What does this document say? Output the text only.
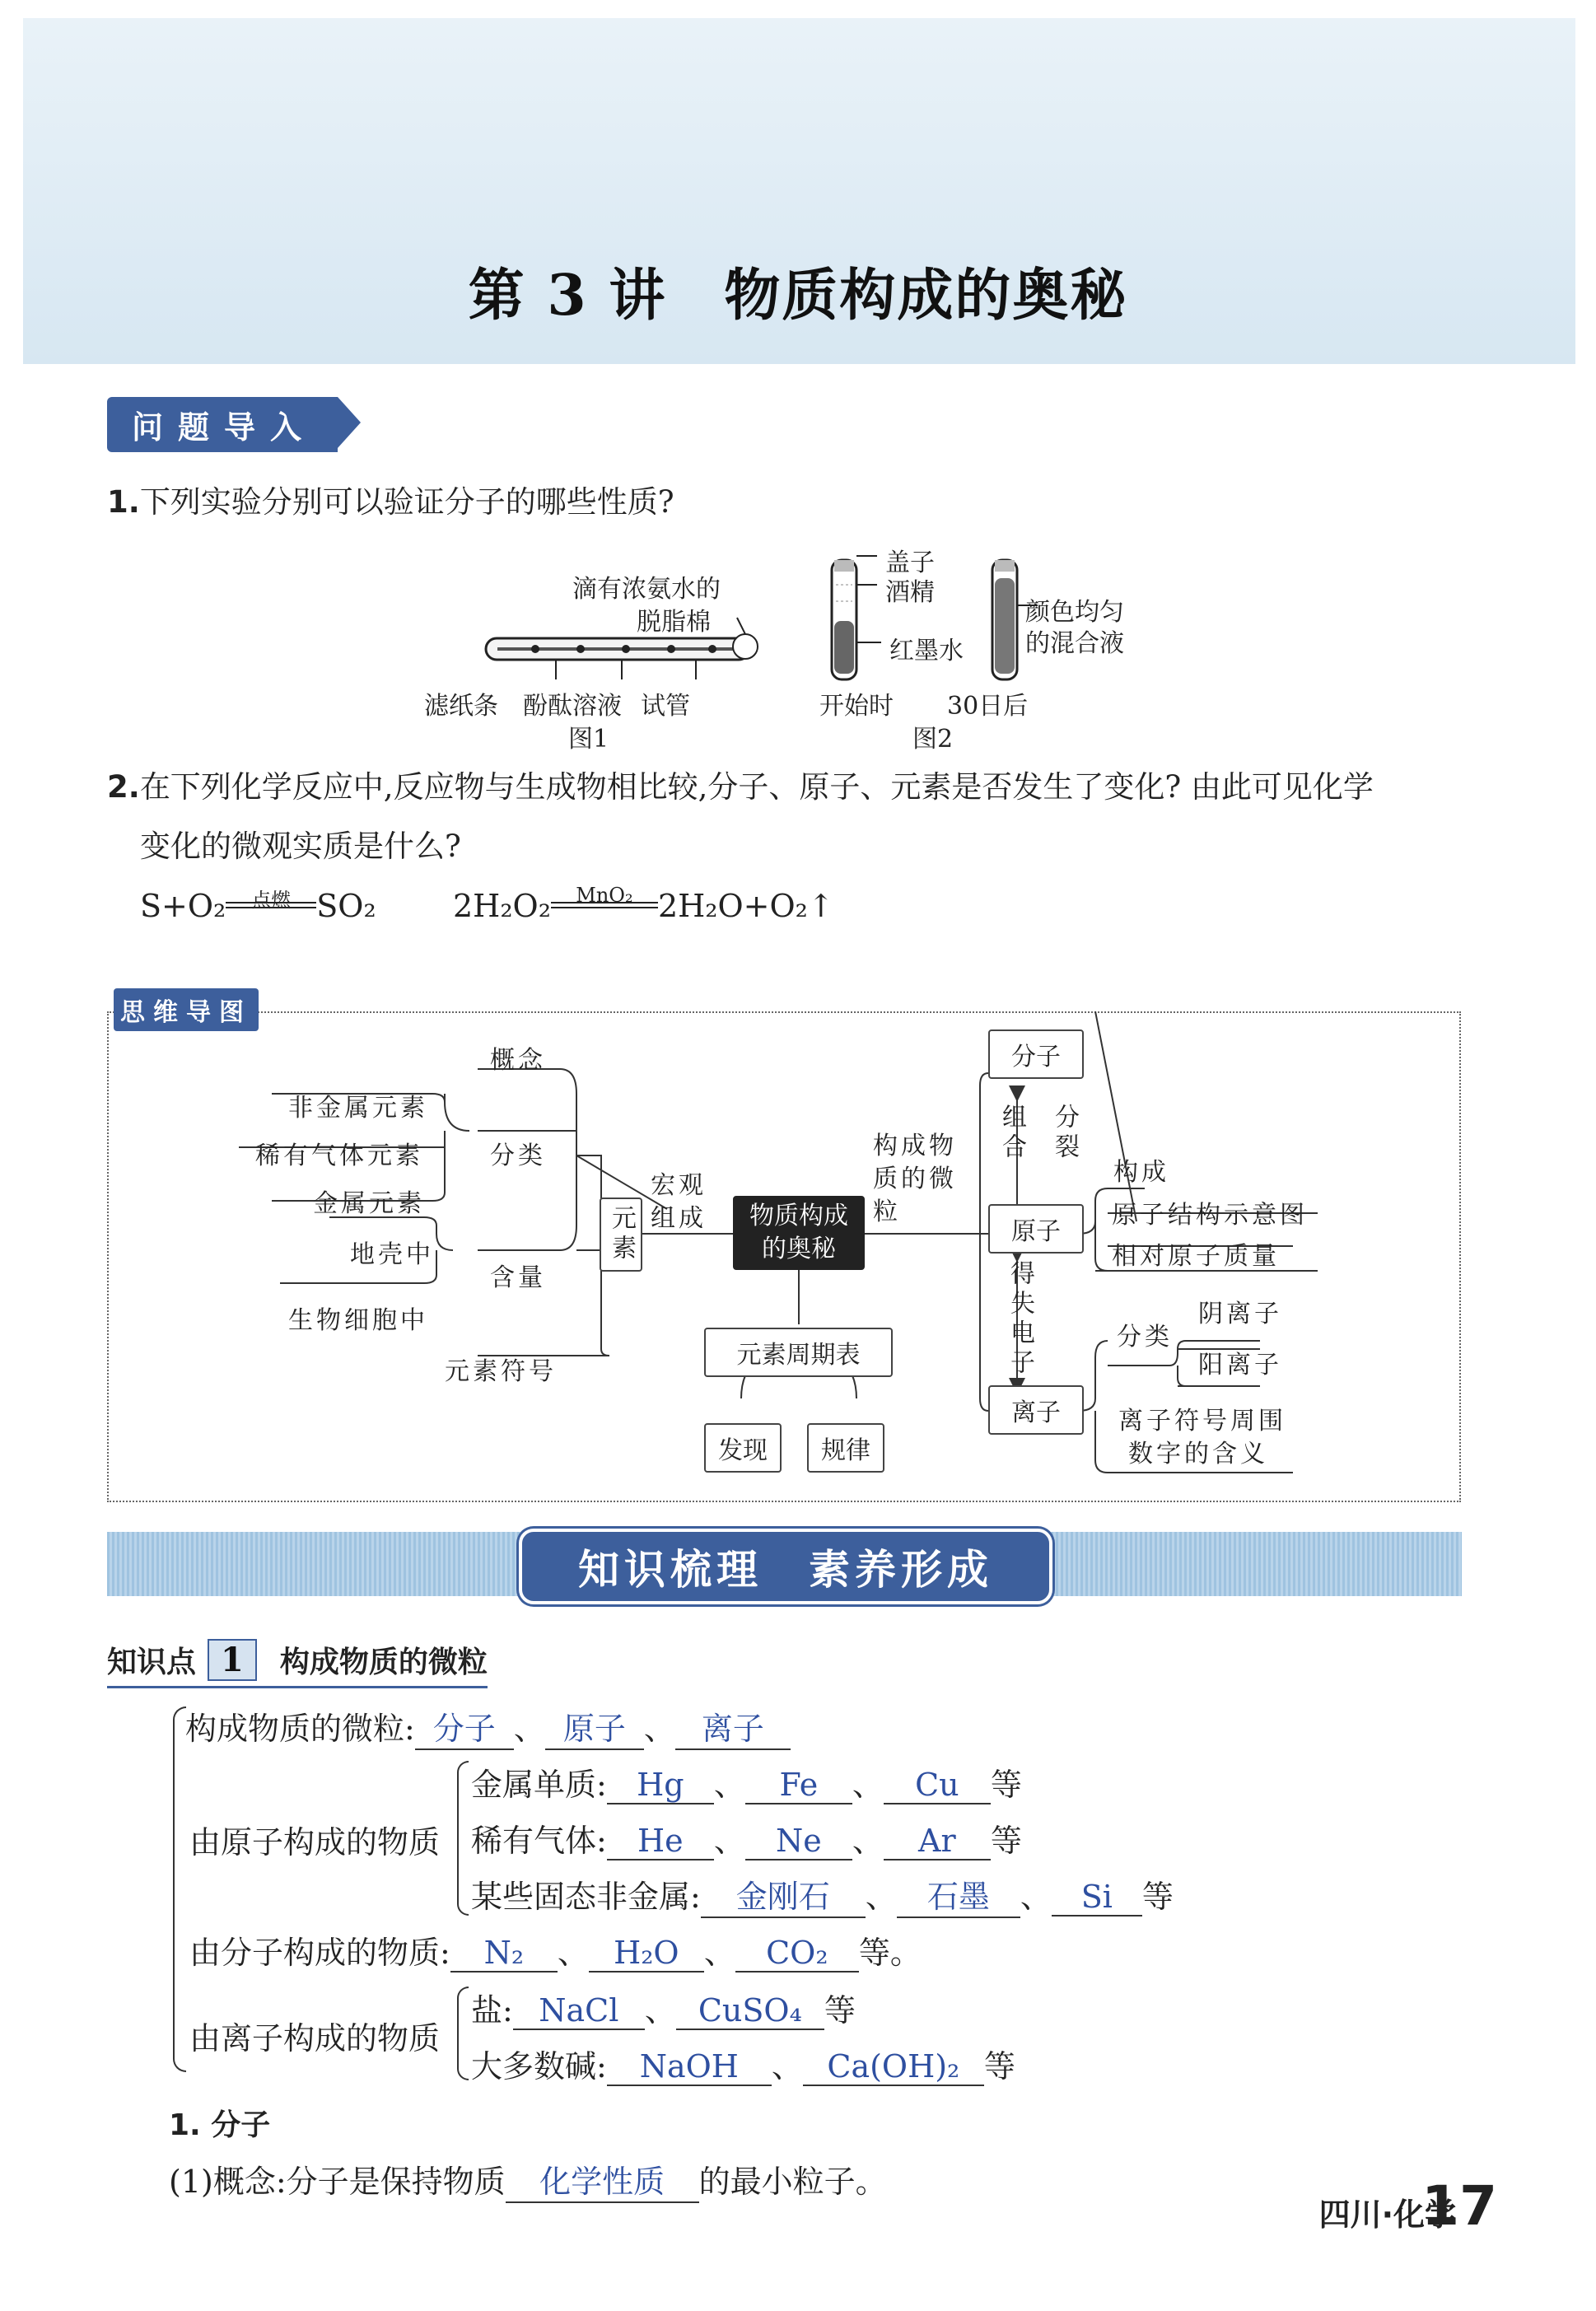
第 3 讲　物质构成的奥秘
问题导入
1.下列实验分别可以验证分子的哪些性质?
滴有浓氨水的
脱脂棉
滤纸条 酚酞溶液 试管
图1
盖子
酒精
红墨水
颜色均匀
的混合液
开始时 30日后
图2
2.在下列化学反应中,反应物与生成物相比较,分子、原子、元素是否发生了变化? 由此可见化学
变化的微观实质是什么?
S+O₂	点燃 SO₂ 2H₂O₂	MnO₂ 2H₂O+O₂↑
思维导图
概念
非金属元素
稀有气体元素
金属元素
分类
地壳中
含量
生物细胞中
元素符号
元素
宏观组成	物质构成的奥秘
构成物质的微粒
元素周期表
发现	规律
分子
原子
离子
组合 分裂
得失电子
构成
原子结构示意图
相对原子质量
分类
阴离子
阳离子
离子符号周围
数字的含义
知识梳理　素养形成
知识点 1	构成物质的微粒
构成物质的微粒: 分子 、 原子 、 离子
由原子构成的物质
金属单质: Hg 、 Fe 、 Cu 等
稀有气体: He 、 Ne 、 Ar 等
某些固态非金属: 金刚石 、 石墨 、 Si 等
由分子构成的物质: N₂ 、 H₂O 、 CO₂ 等。
由离子构成的物质
盐: NaCl 、 CuSO₄ 等
大多数碱: NaOH 、 Ca(OH)₂ 等
1. 分子
(1)概念:分子是保持物质 化学性质 的最小粒子。
四川·化学
17
